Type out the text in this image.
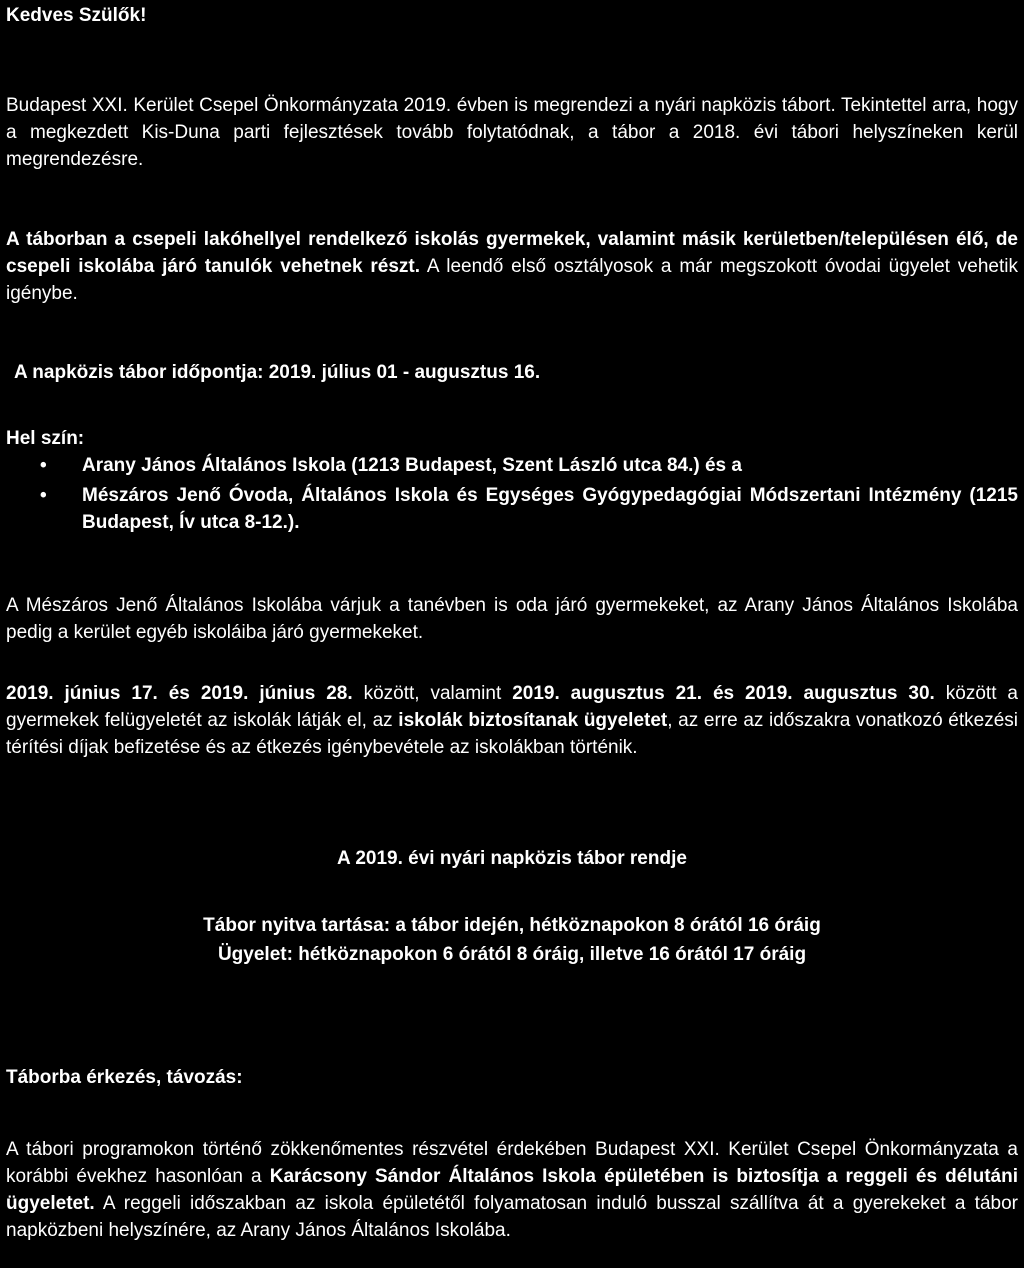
Kedves Szülők!

Budapest XXI. Kerület Csepel Önkormányzata 2019. évben is megrendezi a nyári napközis tábort. Tekintettel arra, hogy a megkezdett Kis-Duna parti fejlesztések tovább folytatódnak, a tábor a 2018. évi tábori helyszíneken kerül megrendezésre.

A táborban a csepeli lakóhellyel rendelkező iskolás gyermekek, valamint másik kerületben/településen élő, de csepeli iskolába járó tanulók vehetnek részt. A leendő első osztályosok a már megszokott óvodai ügyelet vehetik igénybe.

A napközis tábor időpontja: 2019. július 01 - augusztus 16.

Hel szín:

• Arany János Általános Iskola (1213 Budapest, Szent László utca 84.) és a
• Mészáros Jenő Óvoda, Általános Iskola és Egységes Gyógypedagógiai Módszertani Intézmény (1215 Budapest, Ív utca 8-12.).

A Mészáros Jenő Általános Iskolába várjuk a tanévben is oda járó gyermekeket, az Arany János Általános Iskolába pedig a kerület egyéb iskoláiba járó gyermekeket.

2019. június 17. és 2019. június 28. között, valamint 2019. augusztus 21. és 2019. augusztus 30. között a gyermekek felügyeletét az iskolák látják el, az iskolák biztosítanak ügyeletet, az erre az időszakra vonatkozó étkezési térítési díjak befizetése és az étkezés igénybevétele az iskolákban történik.

A 2019. évi nyári napközis tábor rendje

Tábor nyitva tartása: a tábor idején, hétköznapokon 8 órától 16 óráig

Ügyelet: hétköznapokon 6 órától 8 óráig, illetve 16 órától 17 óráig

Táborba érkezés, távozás:

A tábori programokon történő zökkenőmentes részvétel érdekében Budapest XXI. Kerület Csepel Önkormányzata a korábbi évekhez hasonlóan a Karácsony Sándor Általános Iskola épületében is biztosítja a reggeli és délutáni ügyeletet. A reggeli időszakban az iskola épületétől folyamatosan induló busszal szállítva át a gyerekeket a tábor napközbeni helyszínére, az Arany János Általános Iskolába.
